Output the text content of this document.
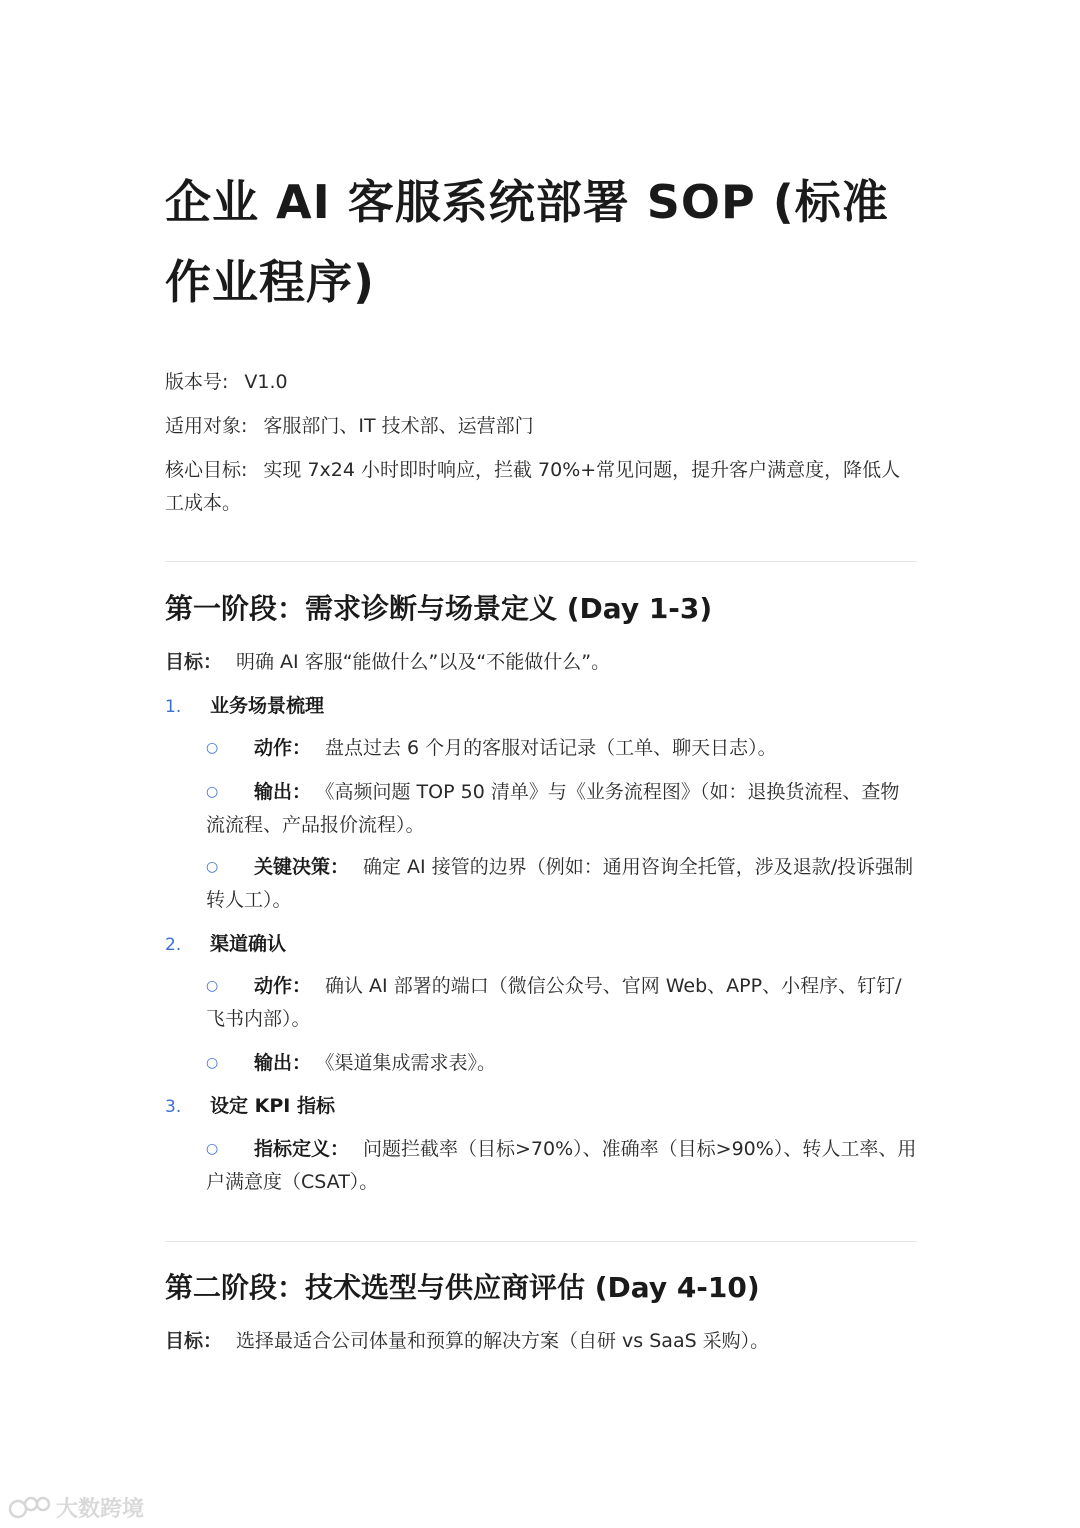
企业 AI 客服系统部署 SOP (标准作业程序)

版本号: V1.0

适用对象: 客服部门、IT 技术部、运营部门

核心目标: 实现 7x24 小时即时响应，拦截 70%+常见问题，提升客户满意度，降低人工成本。

第一阶段：需求诊断与场景定义 (Day 1-3)

目标： 明确 AI 客服“能做什么”以及“不能做什么”。

1. 业务场景梳理

○ 动作： 盘点过去 6 个月的客服对话记录（工单、聊天日志）。

○ 输出： 《高频问题 TOP 50 清单》与《业务流程图》（如：退换货流程、查物流流程、产品报价流程）。

○ 关键决策： 确定 AI 接管的边界（例如：通用咨询全托管，涉及退款/投诉强制转人工）。

2. 渠道确认

○ 动作： 确认 AI 部署的端口（微信公众号、官网 Web、APP、小程序、钉钉/飞书内部）。

○ 输出： 《渠道集成需求表》。

3. 设定 KPI 指标

○ 指标定义： 问题拦截率（目标>70%）、准确率（目标>90%）、转人工率、用户满意度（CSAT）。

第二阶段：技术选型与供应商评估 (Day 4-10)

目标： 选择最适合公司体量和预算的解决方案（自研 vs SaaS 采购）。

大数跨境
